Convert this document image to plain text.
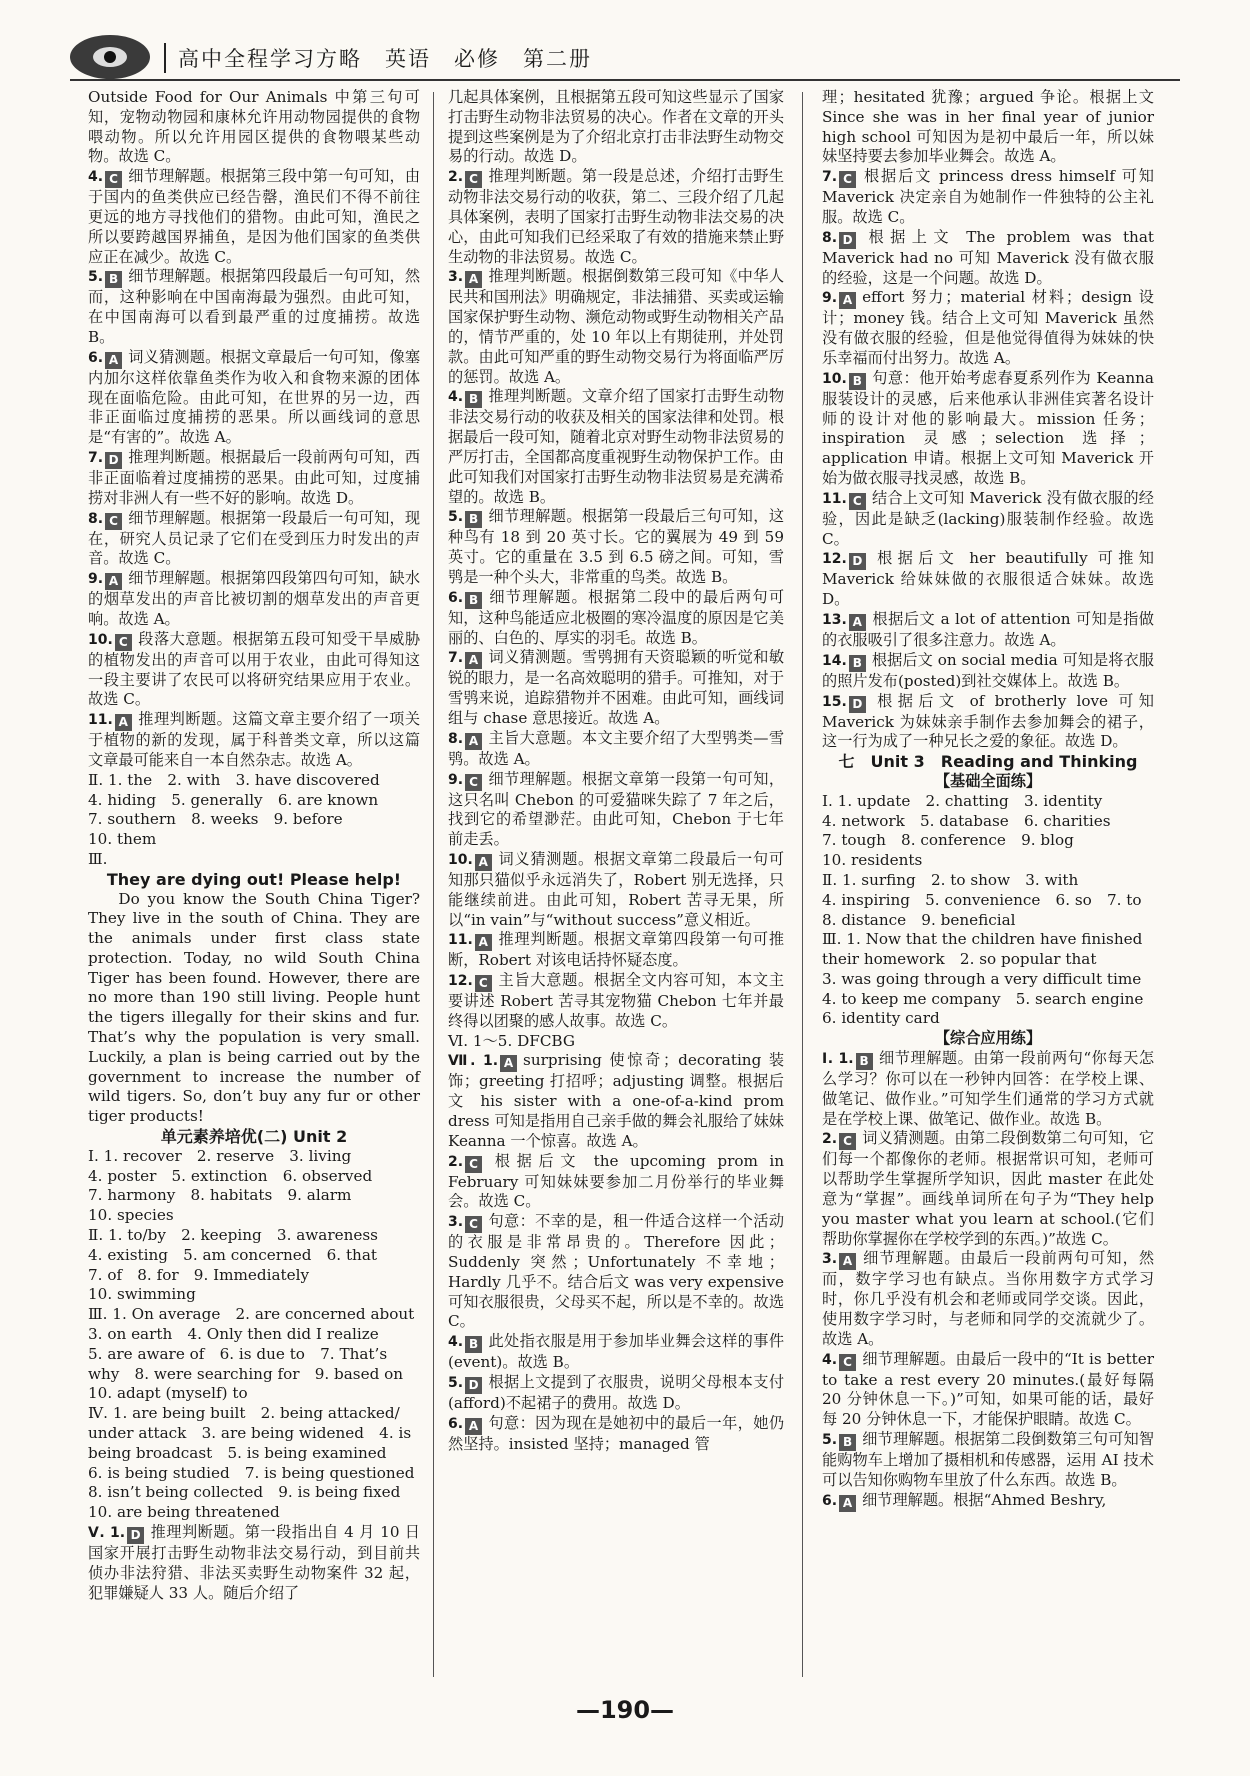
高中全程学习方略　英语　必修　第二册

Outside Food for Our Animals 中第三句可知，宠物动物园和康林允许用动物园提供的食物喂动物。所以允许用园区提供的食物喂某些动物。故选 C。

4. C 细节理解题。根据第三段中第一句可知，由于国内的鱼类供应已经告罄，渔民们不得不前往更远的地方寻找他们的猎物。由此可知，渔民之所以要跨越国界捕鱼，是因为他们国家的鱼类供应正在减少。故选 C。

5. B 细节理解题。根据第四段最后一句可知，然而，这种影响在中国南海最为强烈。由此可知，在中国南海可以看到最严重的过度捕捞。故选 B。

6. A 词义猜测题。根据文章最后一句可知，像塞内加尔这样依靠鱼类作为收入和食物来源的团体现在面临危险。由此可知，在世界的另一边，西非正面临过度捕捞的恶果。所以画线词的意思是“有害的”。故选 A。

7. D 推理判断题。根据最后一段前两句可知，西非正面临着过度捕捞的恶果。由此可知，过度捕捞对非洲人有一些不好的影响。故选 D。

8. C 细节理解题。根据第一段最后一句可知，现在，研究人员记录了它们在受到压力时发出的声音。故选 C。

9. A 细节理解题。根据第四段第四句可知，缺水的烟草发出的声音比被切割的烟草发出的声音更响。故选 A。

10. C 段落大意题。根据第五段可知受干旱威胁的植物发出的声音可以用于农业，由此可得知这一段主要讲了农民可以将研究结果应用于农业。故选 C。

11. A 推理判断题。这篇文章主要介绍了一项关于植物的新的发现，属于科普类文章，所以这篇文章最可能来自一本自然杂志。故选 A。

Ⅱ. 1. the　2. with　3. have discovered

4. hiding　5. generally　6. are known

7. southern　8. weeks　9. before

10. them

Ⅲ.

They are dying out! Please help!

Do you know the South China Tiger? They live in the south of China. They are the animals under first class state protection. Today, no wild South China Tiger has been found. However, there are no more than 190 still living. People hunt the tigers illegally for their skins and fur. That’s why the population is very small. Luckily, a plan is being carried out by the government to increase the number of wild tigers. So, don’t buy any fur or other tiger products!

单元素养培优(二) Unit 2

Ⅰ. 1. recover　2. reserve　3. living

4. poster　5. extinction　6. observed

7. harmony　8. habitats　9. alarm

10. species

Ⅱ. 1. to/by　2. keeping　3. awareness

4. existing　5. am concerned　6. that

7. of　8. for　9. Immediately

10. swimming

Ⅲ. 1. On average　2. are concerned about

3. on earth　4. Only then did I realize

5. are aware of　6. is due to　7. That’s

why　8. were searching for　9. based on

10. adapt (myself) to

Ⅳ. 1. are being built　2. being attacked/

under attack　3. are being widened　4. is

being broadcast　5. is being examined

6. is being studied　7. is being questioned

8. isn’t being collected　9. is being fixed

10. are being threatened

Ⅴ. 1. D 推理判断题。第一段指出自 4 月 10 日国家开展打击野生动物非法交易行动，到目前共侦办非法狩猎、非法买卖野生动物案件 32 起，犯罪嫌疑人 33 人。随后介绍了

几起具体案例，且根据第五段可知这些显示了国家打击野生动物非法贸易的决心。作者在文章的开头提到这些案例是为了介绍北京打击非法野生动物交易的行动。故选 D。

2. C 推理判断题。第一段是总述，介绍打击野生动物非法交易行动的收获，第二、三段介绍了几起具体案例，表明了国家打击野生动物非法交易的决心，由此可知我们已经采取了有效的措施来禁止野生动物的非法贸易。故选 C。

3. A 推理判断题。根据倒数第三段可知《中华人民共和国刑法》明确规定，非法捕猎、买卖或运输国家保护野生动物、濒危动物或野生动物相关产品的，情节严重的，处 10 年以上有期徒刑，并处罚款。由此可知严重的野生动物交易行为将面临严厉的惩罚。故选 A。

4. B 推理判断题。文章介绍了国家打击野生动物非法交易行动的收获及相关的国家法律和处罚。根据最后一段可知，随着北京对野生动物非法贸易的严厉打击，全国都高度重视野生动物保护工作。由此可知我们对国家打击野生动物非法贸易是充满希望的。故选 B。

5. B 细节理解题。根据第一段最后三句可知，这种鸟有 18 到 20 英寸长。它的翼展为 49 到 59 英寸。它的重量在 3.5 到 6.5 磅之间。可知，雪鸮是一种个头大，非常重的鸟类。故选 B。

6. B 细节理解题。根据第二段中的最后两句可知，这种鸟能适应北极圈的寒冷温度的原因是它美丽的、白色的、厚实的羽毛。故选 B。

7. A 词义猜测题。雪鸮拥有天资聪颖的听觉和敏锐的眼力，是一名高效聪明的猎手。可推知，对于雪鸮来说，追踪猎物并不困难。由此可知，画线词组与 chase 意思接近。故选 A。

8. A 主旨大意题。本文主要介绍了大型鸮类—雪鸮。故选 A。

9. C 细节理解题。根据文章第一段第一句可知，这只名叫 Chebon 的可爱猫咪失踪了 7 年之后，找到它的希望渺茫。由此可知，Chebon 于七年前走丢。

10. A 词义猜测题。根据文章第二段最后一句可知那只猫似乎永远消失了，Robert 别无选择，只能继续前进。由此可知，Robert 苦寻无果，所以“in vain”与“without success”意义相近。

11. A 推理判断题。根据文章第四段第一句可推断，Robert 对该电话持怀疑态度。

12. C 主旨大意题。根据全文内容可知，本文主要讲述 Robert 苦寻其宠物猫 Chebon 七年并最终得以团聚的感人故事。故选 C。

Ⅵ. 1～5. DFCBG

Ⅶ. 1. A surprising 使惊奇；decorating 装饰；greeting 打招呼；adjusting 调整。根据后文 his sister with a one-of-a-kind prom dress 可知是指用自己亲手做的舞会礼服给了妹妹 Keanna 一个惊喜。故选 A。

2. C 根据后文 the upcoming prom in February 可知妹妹要参加二月份举行的毕业舞会。故选 C。

3. C 句意：不幸的是，租一件适合这样一个活动的衣服是非常昂贵的。Therefore 因此；Suddenly 突然；Unfortunately 不幸地；Hardly 几乎不。结合后文 was very expensive 可知衣服很贵，父母买不起，所以是不幸的。故选 C。

4. B 此处指衣服是用于参加毕业舞会这样的事件(event)。故选 B。

5. D 根据上文提到了衣服贵，说明父母根本支付(afford)不起裙子的费用。故选 D。

6. A 句意：因为现在是她初中的最后一年，她仍然坚持。insisted 坚持；managed 管

理；hesitated 犹豫；argued 争论。根据上文 Since she was in her final year of junior high school 可知因为是初中最后一年，所以妹妹坚持要去参加毕业舞会。故选 A。

7. C 根据后文 princess dress himself 可知 Maverick 决定亲自为她制作一件独特的公主礼服。故选 C。

8. D 根据上文 The problem was that Maverick had no 可知 Maverick 没有做衣服的经验，这是一个问题。故选 D。

9. A effort 努力；material 材料；design 设计；money 钱。结合上文可知 Maverick 虽然没有做衣服的经验，但是他觉得值得为妹妹的快乐幸福而付出努力。故选 A。

10. B 句意：他开始考虑春夏系列作为 Keanna 服装设计的灵感，后来他承认非洲佳宾著名设计师的设计对他的影响最大。mission 任务；inspiration 灵感；selection 选择；application 申请。根据上文可知 Maverick 开始为做衣服寻找灵感，故选 B。

11. C 结合上文可知 Maverick 没有做衣服的经验，因此是缺乏(lacking)服装制作经验。故选 C。

12. D 根据后文 her beautifully 可推知 Maverick 给妹妹做的衣服很适合妹妹。故选 D。

13. A 根据后文 a lot of attention 可知是指做的衣服吸引了很多注意力。故选 A。

14. B 根据后文 on social media 可知是将衣服的照片发布(posted)到社交媒体上。故选 B。

15. D 根据后文 of brotherly love 可知 Maverick 为妹妹亲手制作去参加舞会的裙子，这一行为成了一种兄长之爱的象征。故选 D。

七　Unit 3　Reading and Thinking

【基础全面练】

Ⅰ. 1. update　2. chatting　3. identity

4. network　5. database　6. charities

7. tough　8. conference　9. blog

10. residents

Ⅱ. 1. surfing　2. to show　3. with

4. inspiring　5. convenience　6. so　7. to

8. distance　9. beneficial

Ⅲ. 1. Now that the children have finished

their homework　2. so popular that

3. was going through a very difficult time

4. to keep me company　5. search engine

6. identity card

【综合应用练】

Ⅰ. 1. B 细节理解题。由第一段前两句“你每天怎么学习？你可以在一秒钟内回答：在学校上课、做笔记、做作业。”可知学生们通常的学习方式就是在学校上课、做笔记、做作业。故选 B。

2. C 词义猜测题。由第二段倒数第二句可知，它们每一个都像你的老师。根据常识可知，老师可以帮助学生掌握所学知识，因此 master 在此处意为“掌握”。画线单词所在句子为“They help you master what you learn at school.(它们帮助你掌握你在学校学到的东西。)”故选 C。

3. A 细节理解题。由最后一段前两句可知，然而，数字学习也有缺点。当你用数字方式学习时，你几乎没有机会和老师或同学交谈。因此，使用数字学习时，与老师和同学的交流就少了。故选 A。

4. C 细节理解题。由最后一段中的“It is better to take a rest every 20 minutes.(最好每隔 20 分钟休息一下。)”可知，如果可能的话，最好每 20 分钟休息一下，才能保护眼睛。故选 C。

5. B 细节理解题。根据第二段倒数第三句可知智能购物车上增加了摄相机和传感器，运用 AI 技术可以告知你购物车里放了什么东西。故选 B。

6. A 细节理解题。根据“Ahmed Beshry,

—190—
